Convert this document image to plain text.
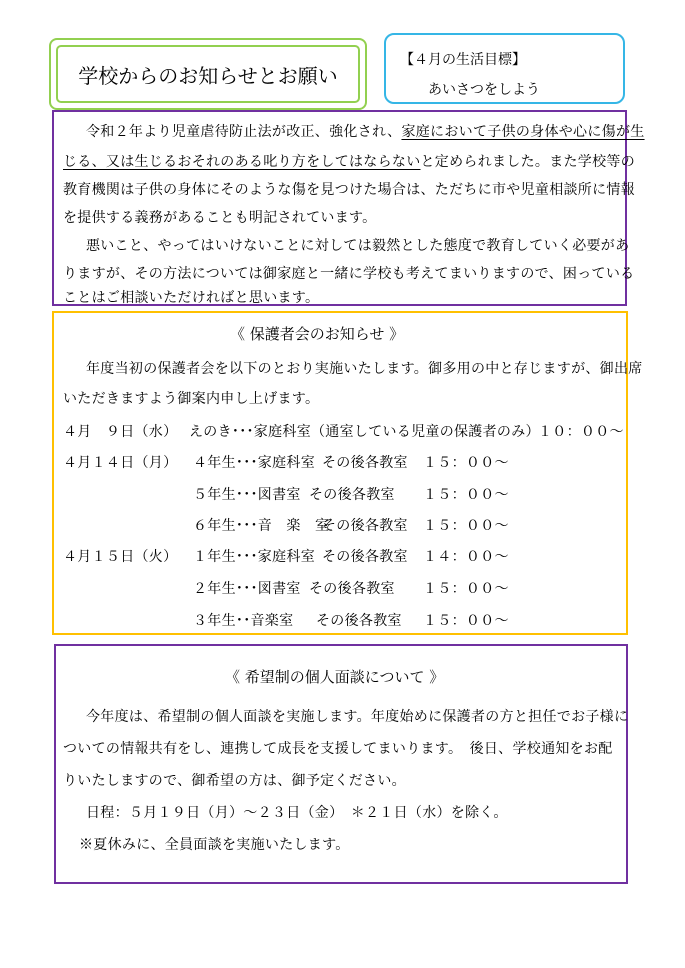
学校からのお知らせとお願い
【４月の生活目標】
あいさつをしよう
令和２年より児童虐待防止法が改正、強化され、家庭において子供の身体や心に傷が生
じる、又は生じるおそれのある叱り方をしてはならないと定められました。また学校等の
教育機関は子供の身体にそのような傷を見つけた場合は、ただちに市や児童相談所に情報
を提供する義務があることも明記されています。
悪いこと、やってはいけないことに対しては毅然とした態度で教育していく必要があ
りますが、その方法については御家庭と一緒に学校も考えてまいりますので、困っている
ことはご相談いただければと思います。
《 保護者会のお知らせ 》
年度当初の保護者会を以下のとおり実施いたします。御多用の中と存じますが、御出席
いただきますよう御案内申し上げます。
４月　９日（水） えのき･･･家庭科室（通室している児童の保護者のみ）
１０：００～
４月１４日（月） ４年生･･･家庭科室 その後各教室 １５：００～
５年生･･･図書室 その後各教室 １５：００～
６年生･･･音　楽　室
その後各教室 １５：００～
４月１５日（火） １年生･･･家庭科室 その後各教室 １４：００～
２年生･･･図書室 その後各教室 １５：００～
３年生･･音楽室 その後各教室 １５：００～
《 希望制の個人面談について 》
今年度は、希望制の個人面談を実施します。年度始めに保護者の方と担任でお子様に
ついての情報共有をし、連携して成長を支援してまいります。　後日、学校通知をお配
りいたしますので、御希望の方は、御予定ください。
日程：５月１９日（月）～２３日（金）　＊２１日（水）を除く。
※夏休みに、全員面談を実施いたします。
